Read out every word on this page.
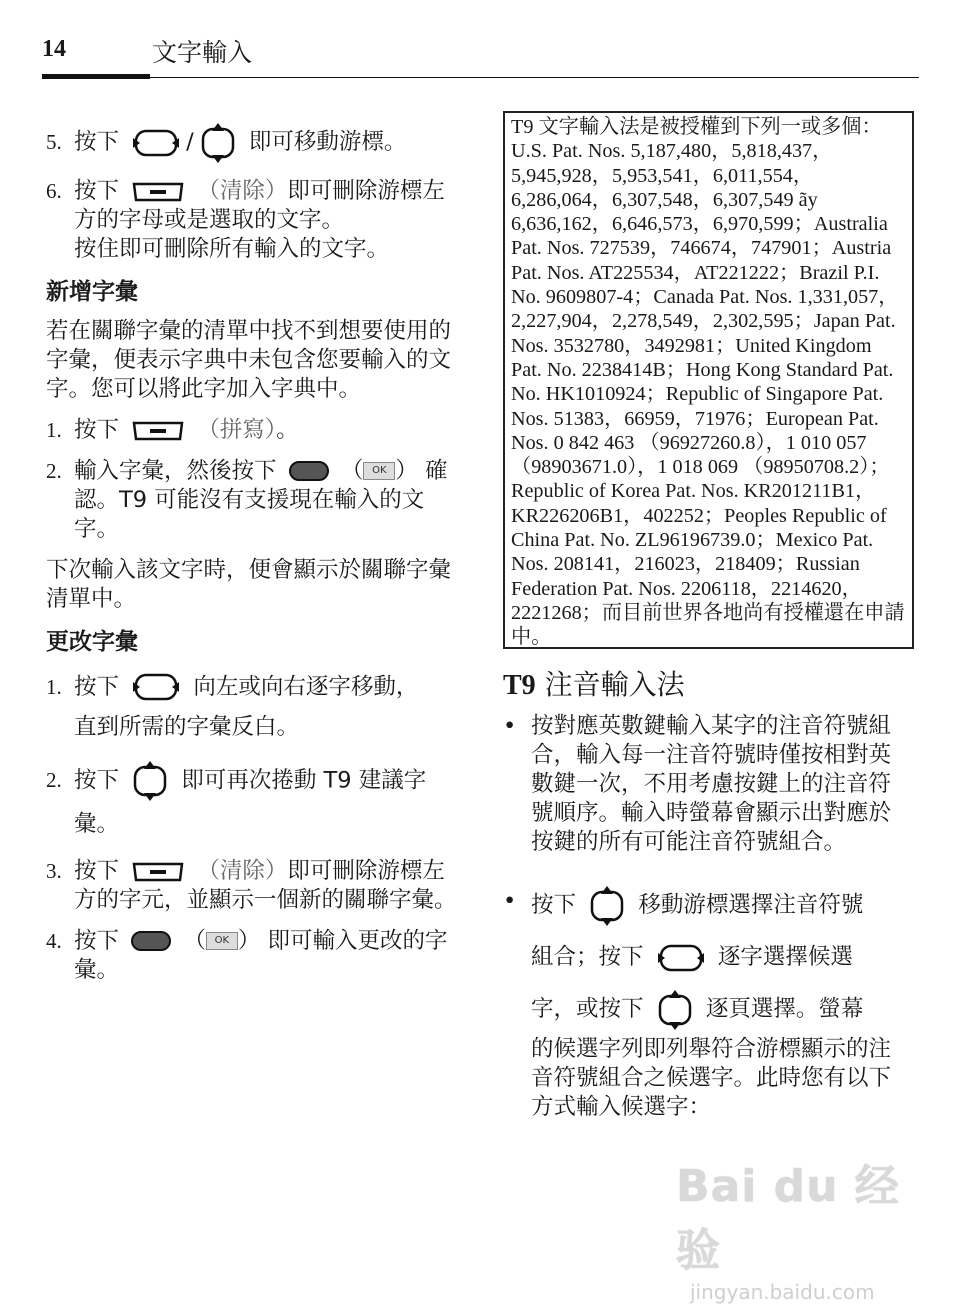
14	文字輸入
5. 按下	/ 即可移動游標。
6. 按下	（清除）即可刪除游標左方的字母或是選取的文字。
按住即可刪除所有輸入的文字。
新增字彙
若在關聯字彙的清單中找不到想要使用的字彙，便表示字典中未包含您要輸入的文字。您可以將此字加入字典中。
1. 按下	（拼寫）。
2. 輸入字彙，然後按下	（ OK ） 確認。T9 可能沒有支援現在輸入的文字。
下次輸入該文字時，便會顯示於關聯字彙清單中。
更改字彙
1. 按下	向左或向右逐字移動，
直到所需的字彙反白。
2. 按下	即可再次捲動 T9 建議字
彙。
3. 按下	（清除）即可刪除游標左方的字元，並顯示一個新的關聯字彙。
4. 按下	（ OK ） 即可輸入更改的字彙。
T9 文字輸入法是被授權到下列一或多個：U.S. Pat. Nos. 5,187,480，5,818,437，5,945,928，5,953,541，6,011,554，6,286,064，6,307,548，6,307,549 ãy 6,636,162，6,646,573，6,970,599；Australia Pat. Nos. 727539，746674，747901；Austria Pat. Nos. AT225534，AT221222；Brazil P.I. No. 9609807-4；Canada Pat. Nos. 1,331,057，2,227,904，2,278,549，2,302,595；Japan Pat. Nos. 3532780，3492981；United Kingdom Pat. No. 2238414B；Hong Kong Standard Pat. No. HK1010924；Republic of Singapore Pat. Nos. 51383，66959，71976；European Pat. Nos. 0 842 463 （96927260.8），1 010 057 （98903671.0），1 018 069 （98950708.2）；Republic of Korea Pat. Nos. KR201211B1，KR226206B1，402252；Peoples Republic of China Pat. No. ZL96196739.0；Mexico Pat. Nos. 208141，216023，218409；Russian Federation Pat. Nos. 2206118，2214620，2221268；而目前世界各地尚有授權還在申請中。
T9 注音輸入法
• 按對應英數鍵輸入某字的注音符號組合，輸入每一注音符號時僅按相對英數鍵一次，不用考慮按鍵上的注音符號順序。輸入時螢幕會顯示出對應於按鍵的所有可能注音符號組合。
• 按下	移動游標選擇注音符號
組合；按下	逐字選擇候選
字，或按下	逐頁選擇。螢幕
的候選字列即列舉符合游標顯示的注音符號組合之候選字。此時您有以下方式輸入候選字：
Bai du 经验
jingyan.baidu.com
